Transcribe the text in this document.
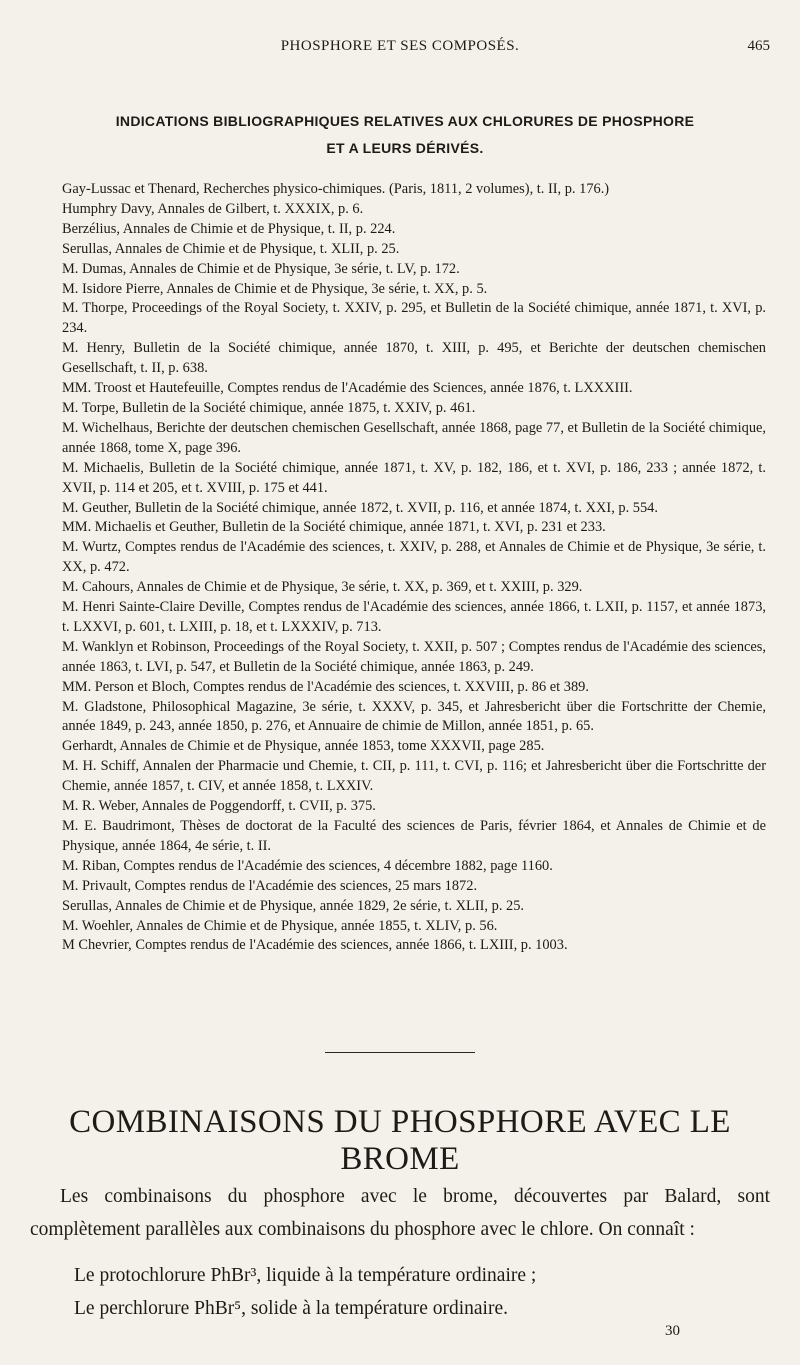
PHOSPHORE ET SES COMPOSÉS.	465
INDICATIONS BIBLIOGRAPHIQUES RELATIVES AUX CHLORURES DE PHOSPHORE
ET A LEURS DÉRIVÉS.

Gay-Lussac et Thenard, Recherches physico-chimiques. (Paris, 1811, 2 volumes), t. II, p. 176.)

Humphry Davy, Annales de Gilbert, t. XXXIX, p. 6.

Berzélius, Annales de Chimie et de Physique, t. II, p. 224.

Serullas, Annales de Chimie et de Physique, t. XLII, p. 25.

M. Dumas, Annales de Chimie et de Physique, 3e série, t. LV, p. 172.

M. Isidore Pierre, Annales de Chimie et de Physique, 3e série, t. XX, p. 5.

M. Thorpe, Proceedings of the Royal Society, t. XXIV, p. 295, et Bulletin de la Société chimique, année 1871, t. XVI, p. 234.

M. Henry, Bulletin de la Société chimique, année 1870, t. XIII, p. 495, et Berichte der deutschen chemischen Gesellschaft, t. II, p. 638.

MM. Troost et Hautefeuille, Comptes rendus de l'Académie des Sciences, année 1876, t. LXXXIII.

M. Torpe, Bulletin de la Société chimique, année 1875, t. XXIV, p. 461.

M. Wichelhaus, Berichte der deutschen chemischen Gesellschaft, année 1868, page 77, et Bulletin de la Société chimique, année 1868, tome X, page 396.

M. Michaelis, Bulletin de la Société chimique, année 1871, t. XV, p. 182, 186, et t. XVI, p. 186, 233 ; année 1872, t. XVII, p. 114 et 205, et t. XVIII, p. 175 et 441.

M. Geuther, Bulletin de la Société chimique, année 1872, t. XVII, p. 116, et année 1874, t. XXI, p. 554.

MM. Michaelis et Geuther, Bulletin de la Société chimique, année 1871, t. XVI, p. 231 et 233.

M. Wurtz, Comptes rendus de l'Académie des sciences, t. XXIV, p. 288, et Annales de Chimie et de Physique, 3e série, t. XX, p. 472.

M. Cahours, Annales de Chimie et de Physique, 3e série, t. XX, p. 369, et t. XXIII, p. 329.

M. Henri Sainte-Claire Deville, Comptes rendus de l'Académie des sciences, année 1866, t. LXII, p. 1157, et année 1873, t. LXXVI, p. 601, t. LXIII, p. 18, et t. LXXXIV, p. 713.

M. Wanklyn et Robinson, Proceedings of the Royal Society, t. XXII, p. 507 ; Comptes rendus de l'Académie des sciences, année 1863, t. LVI, p. 547, et Bulletin de la Société chimique, année 1863, p. 249.

MM. Person et Bloch, Comptes rendus de l'Académie des sciences, t. XXVIII, p. 86 et 389.

M. Gladstone, Philosophical Magazine, 3e série, t. XXXV, p. 345, et Jahresbericht über die Fortschritte der Chemie, année 1849, p. 243, année 1850, p. 276, et Annuaire de chimie de Millon, année 1851, p. 65.

Gerhardt, Annales de Chimie et de Physique, année 1853, tome XXXVII, page 285.

M. H. Schiff, Annalen der Pharmacie und Chemie, t. CII, p. 111, t. CVI, p. 116; et Jahresbericht über die Fortschritte der Chemie, année 1857, t. CIV, et année 1858, t. LXXIV.

M. R. Weber, Annales de Poggendorff, t. CVII, p. 375.

M. E. Baudrimont, Thèses de doctorat de la Faculté des sciences de Paris, février 1864, et Annales de Chimie et de Physique, année 1864, 4e série, t. II.

M. Riban, Comptes rendus de l'Académie des sciences, 4 décembre 1882, page 1160.

M. Privault, Comptes rendus de l'Académie des sciences, 25 mars 1872.

Serullas, Annales de Chimie et de Physique, année 1829, 2e série, t. XLII, p. 25.

M. Woehler, Annales de Chimie et de Physique, année 1855, t. XLIV, p. 56.

M Chevrier, Comptes rendus de l'Académie des sciences, année 1866, t. LXIII, p. 1003.

COMBINAISONS DU PHOSPHORE AVEC LE BROME
Les combinaisons du phosphore avec le brome, découvertes par Balard, sont complètement parallèles aux combinaisons du phosphore avec le chlore. On connaît :
Le protochlorure PhBr³, liquide à la température ordinaire ;
Le perchlorure PhBr⁵, solide à la température ordinaire.
30
